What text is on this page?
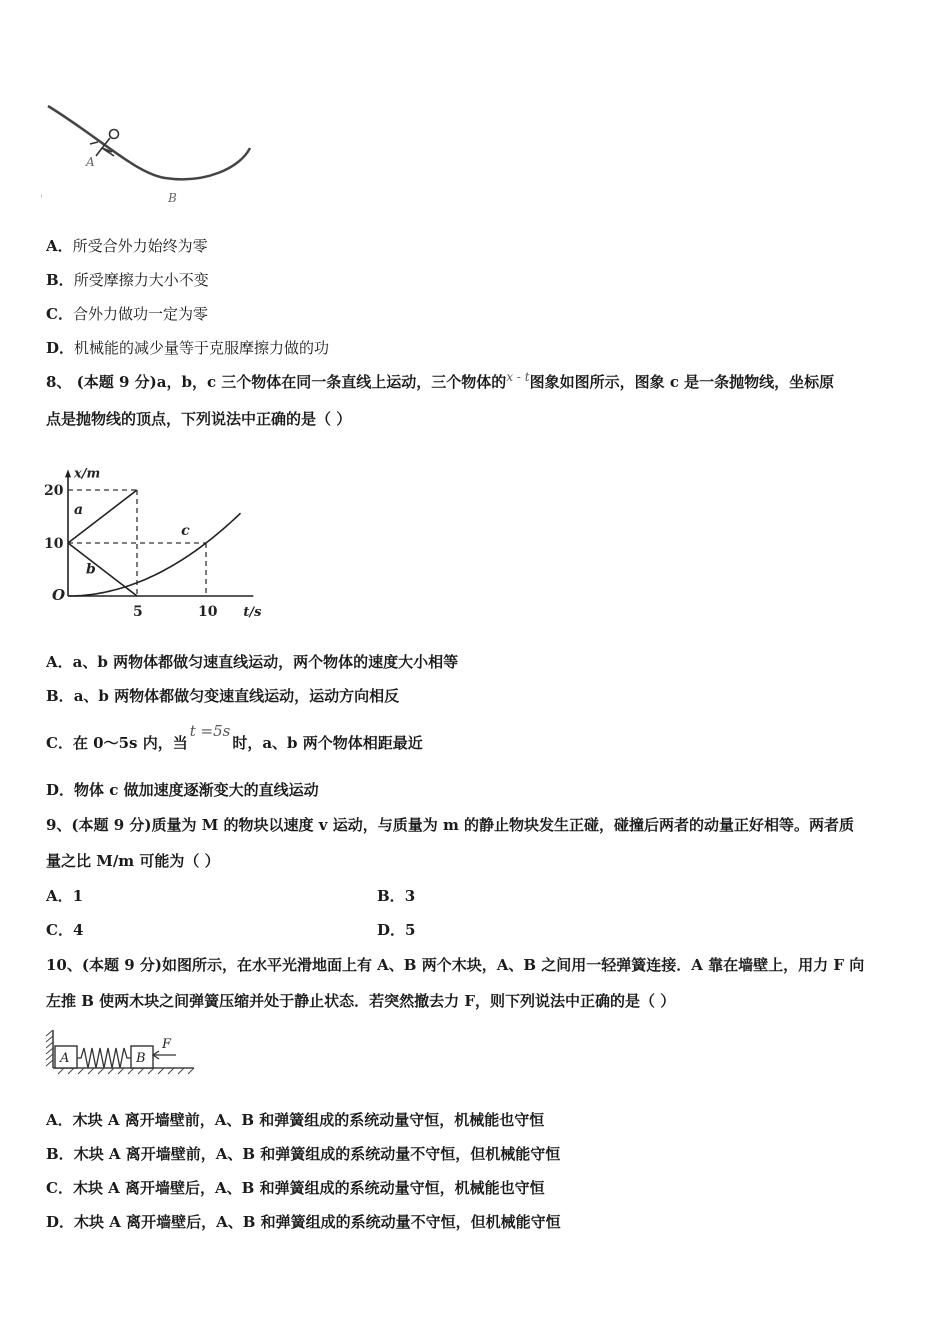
A
B
'
A．所受合外力始终为零
B．所受摩擦力大小不变
C．合外力做功一定为零
D．机械能的减少量等于克服摩擦力做的功
8、 (本题 9 分)a，b，c 三个物体在同一条直线上运动，三个物体的$^{x - t}$图象如图所示，图象 c 是一条抛物线，坐标原
点是抛物线的顶点，下列说法中正确的是（ ）
x/m
t/s
O
5	10
20
10
a
b
c
A．a、b 两物体都做匀速直线运动，两个物体的速度大小相等
B．a、b 两物体都做匀变速直线运动，运动方向相反
C．在 0～5s 内，当t =5s时，a、b 两个物体相距最近
D．物体 c 做加速度逐渐变大的直线运动
9、(本题 9 分)质量为 M 的物块以速度 v 运动，与质量为 m 的静止物块发生正碰，碰撞后两者的动量正好相等。两者质
量之比 M/m 可能为（ ）
A．1	B．3
C．4	D．5
10、(本题 9 分)如图所示，在水平光滑地面上有 A、B 两个木块，A、B 之间用一轻弹簧连接．A 靠在墙壁上，用力 F 向
左推 B 使两木块之间弹簧压缩并处于静止状态．若突然撤去力 F，则下列说法中正确的是（ ）
A	B
F
A．木块 A 离开墙壁前，A、B 和弹簧组成的系统动量守恒，机械能也守恒
B．木块 A 离开墙壁前，A、B 和弹簧组成的系统动量不守恒，但机械能守恒
C．木块 A 离开墙壁后，A、B 和弹簧组成的系统动量守恒，机械能也守恒
D．木块 A 离开墙壁后，A、B 和弹簧组成的系统动量不守恒，但机械能守恒
